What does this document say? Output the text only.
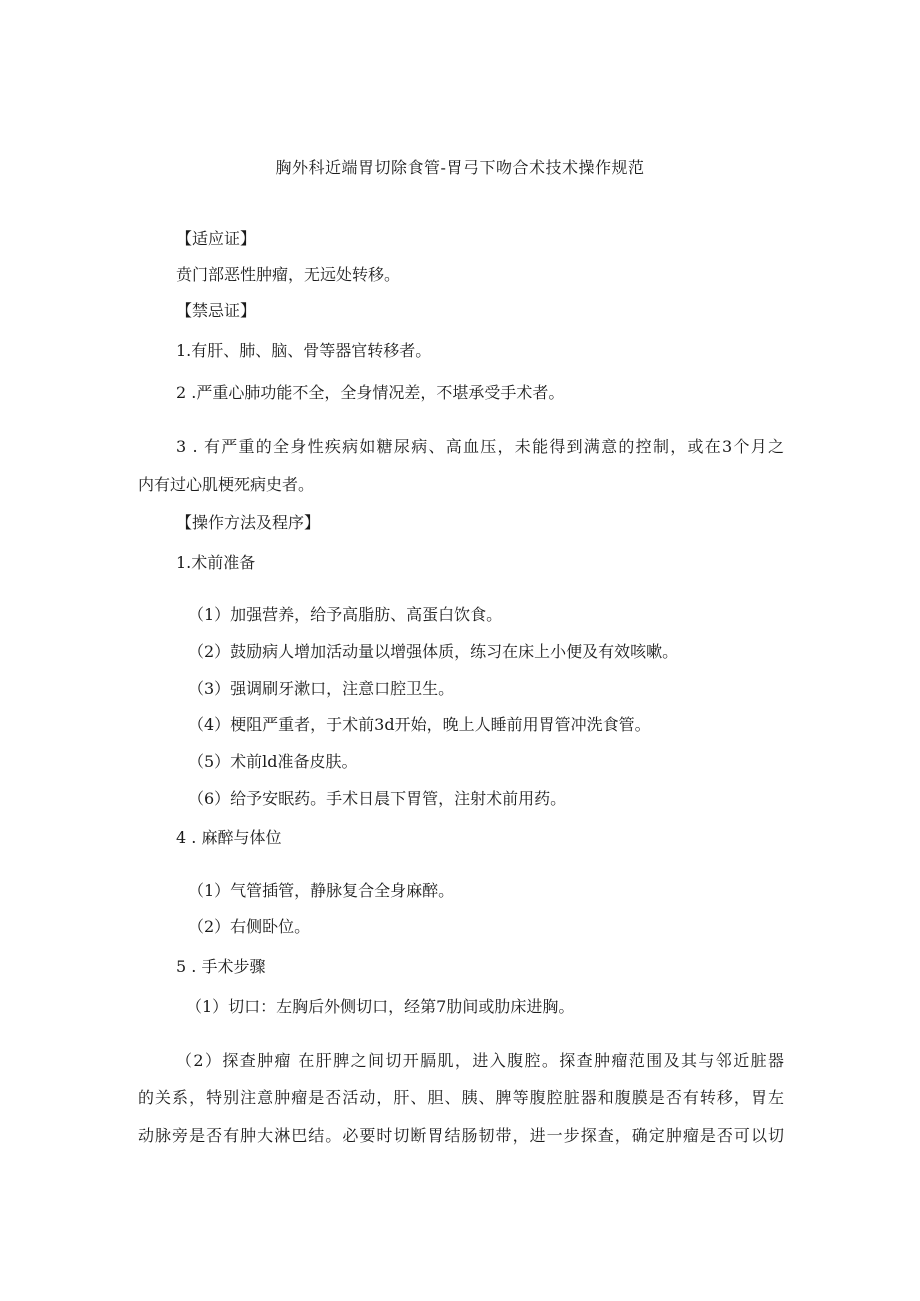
胸外科近端胃切除食管-胃弓下吻合术技术操作规范
【适应证】
贲门部恶性肿瘤，无远处转移。
【禁忌证】
1.有肝、肺、脑、骨等器官转移者。
2 .严重心肺功能不全，全身情况差，不堪承受手术者。
3 . 有严重的全身性疾病如糖尿病、高血压，未能得到满意的控制，或在3个月之
内有过心肌梗死病史者。
【操作方法及程序】
1.术前准备
（1）加强营养，给予高脂肪、高蛋白饮食。
（2）鼓励病人增加活动量以增强体质，练习在床上小便及有效咳嗽。
（3）强调刷牙漱口，注意口腔卫生。
（4）梗阻严重者，于术前3d开始，晚上人睡前用胃管冲洗食管。
（5）术前ld准备皮肤。
（6）给予安眠药。手术日晨下胃管，注射术前用药。
4 . 麻醉与体位
（1）气管插管，静脉复合全身麻醉。
（2）右侧卧位。
5 . 手术步骤
（1）切口：左胸后外侧切口，经第7肋间或肋床进胸。
（2）探查肿瘤 在肝脾之间切开膈肌，进入腹腔。探查肿瘤范围及其与邻近脏器
的关系，特别注意肿瘤是否活动，肝、胆、胰、脾等腹腔脏器和腹膜是否有转移，胃左
动脉旁是否有肿大淋巴结。必要时切断胃结肠韧带，进一步探查，确定肿瘤是否可以切
